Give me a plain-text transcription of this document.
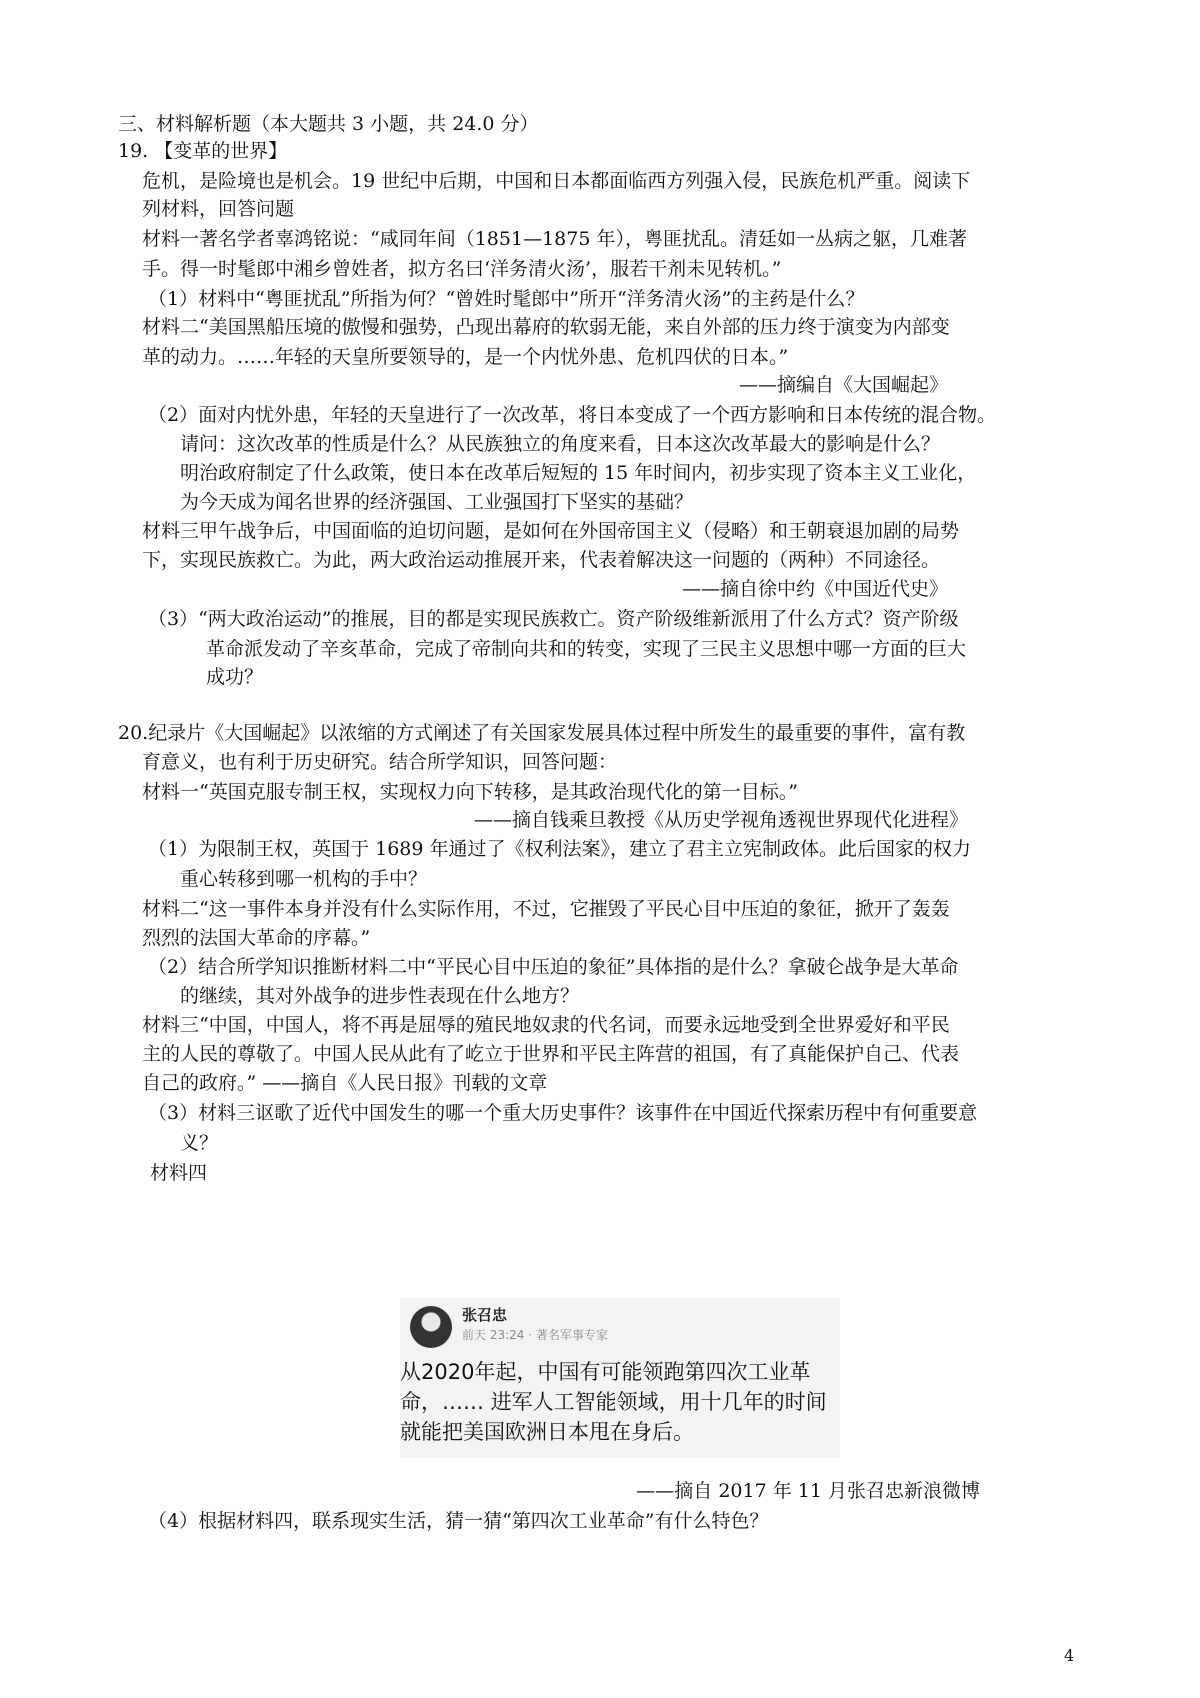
三、材料解析题（本大题共 3 小题，共 24.0 分）
19. 【变革的世界】
危机，是险境也是机会。19 世纪中后期，中国和日本都面临西方列强入侵，民族危机严重。阅读下
列材料，回答问题
材料一著名学者辜鸿铭说：“咸同年间（1851—1875 年），粤匪扰乱。清廷如一丛病之躯，几难著
手。得一时髦郎中湘乡曾姓者，拟方名曰‘洋务清火汤’，服若干剂未见转机。”
（1）材料中“粤匪扰乱”所指为何？“曾姓时髦郎中”所开“洋务清火汤”的主药是什么？
材料二“美国黑船压境的傲慢和强势，凸现出幕府的软弱无能，来自外部的压力终于演变为内部变
革的动力。……年轻的天皇所要领导的，是一个内忧外患、危机四伏的日本。”
——摘编自《大国崛起》
（2）面对内忧外患，年轻的天皇进行了一次改革，将日本变成了一个西方影响和日本传统的混合物。
请问：这次改革的性质是什么？从民族独立的角度来看，日本这次改革最大的影响是什么？
明治政府制定了什么政策，使日本在改革后短短的 15 年时间内，初步实现了资本主义工业化，
为今天成为闻名世界的经济强国、工业强国打下坚实的基础？
材料三甲午战争后，中国面临的迫切问题，是如何在外国帝国主义（侵略）和王朝衰退加剧的局势
下，实现民族救亡。为此，两大政治运动推展开来，代表着解决这一问题的（两种）不同途径。
——摘自徐中约《中国近代史》
（3）“两大政治运动”的推展，目的都是实现民族救亡。资产阶级维新派用了什么方式？资产阶级
革命派发动了辛亥革命，完成了帝制向共和的转变，实现了三民主义思想中哪一方面的巨大
成功？
20.纪录片《大国崛起》以浓缩的方式阐述了有关国家发展具体过程中所发生的最重要的事件，富有教
育意义，也有利于历史研究。结合所学知识，回答问题：
材料一“英国克服专制王权，实现权力向下转移，是其政治现代化的第一目标。”
——摘自钱乘旦教授《从历史学视角透视世界现代化进程》
（1）为限制王权，英国于 1689 年通过了《权利法案》，建立了君主立宪制政体。此后国家的权力
重心转移到哪一机构的手中？
材料二“这一事件本身并没有什么实际作用，不过，它摧毁了平民心目中压迫的象征，掀开了轰轰
烈烈的法国大革命的序幕。”
（2）结合所学知识推断材料二中“平民心目中压迫的象征”具体指的是什么？拿破仑战争是大革命
的继续，其对外战争的进步性表现在什么地方？
材料三“中国，中国人，将不再是屈辱的殖民地奴隶的代名词，而要永远地受到全世界爱好和平民
主的人民的尊敬了。中国人民从此有了屹立于世界和平民主阵营的祖国，有了真能保护自己、代表
自己的政府。” ——摘自《人民日报》刊载的文章
（3）材料三讴歌了近代中国发生的哪一个重大历史事件？该事件在中国近代探索历程中有何重要意
义？
材料四
张召忠
前天 23:24 · 著名军事专家
从2020年起，中国有可能领跑第四次工业革
命，…… 进军人工智能领域，用十几年的时间
就能把美国欧洲日本甩在身后。
——摘自 2017 年 11 月张召忠新浪微博
（4）根据材料四，联系现实生活，猜一猜“第四次工业革命”有什么特色？
4
